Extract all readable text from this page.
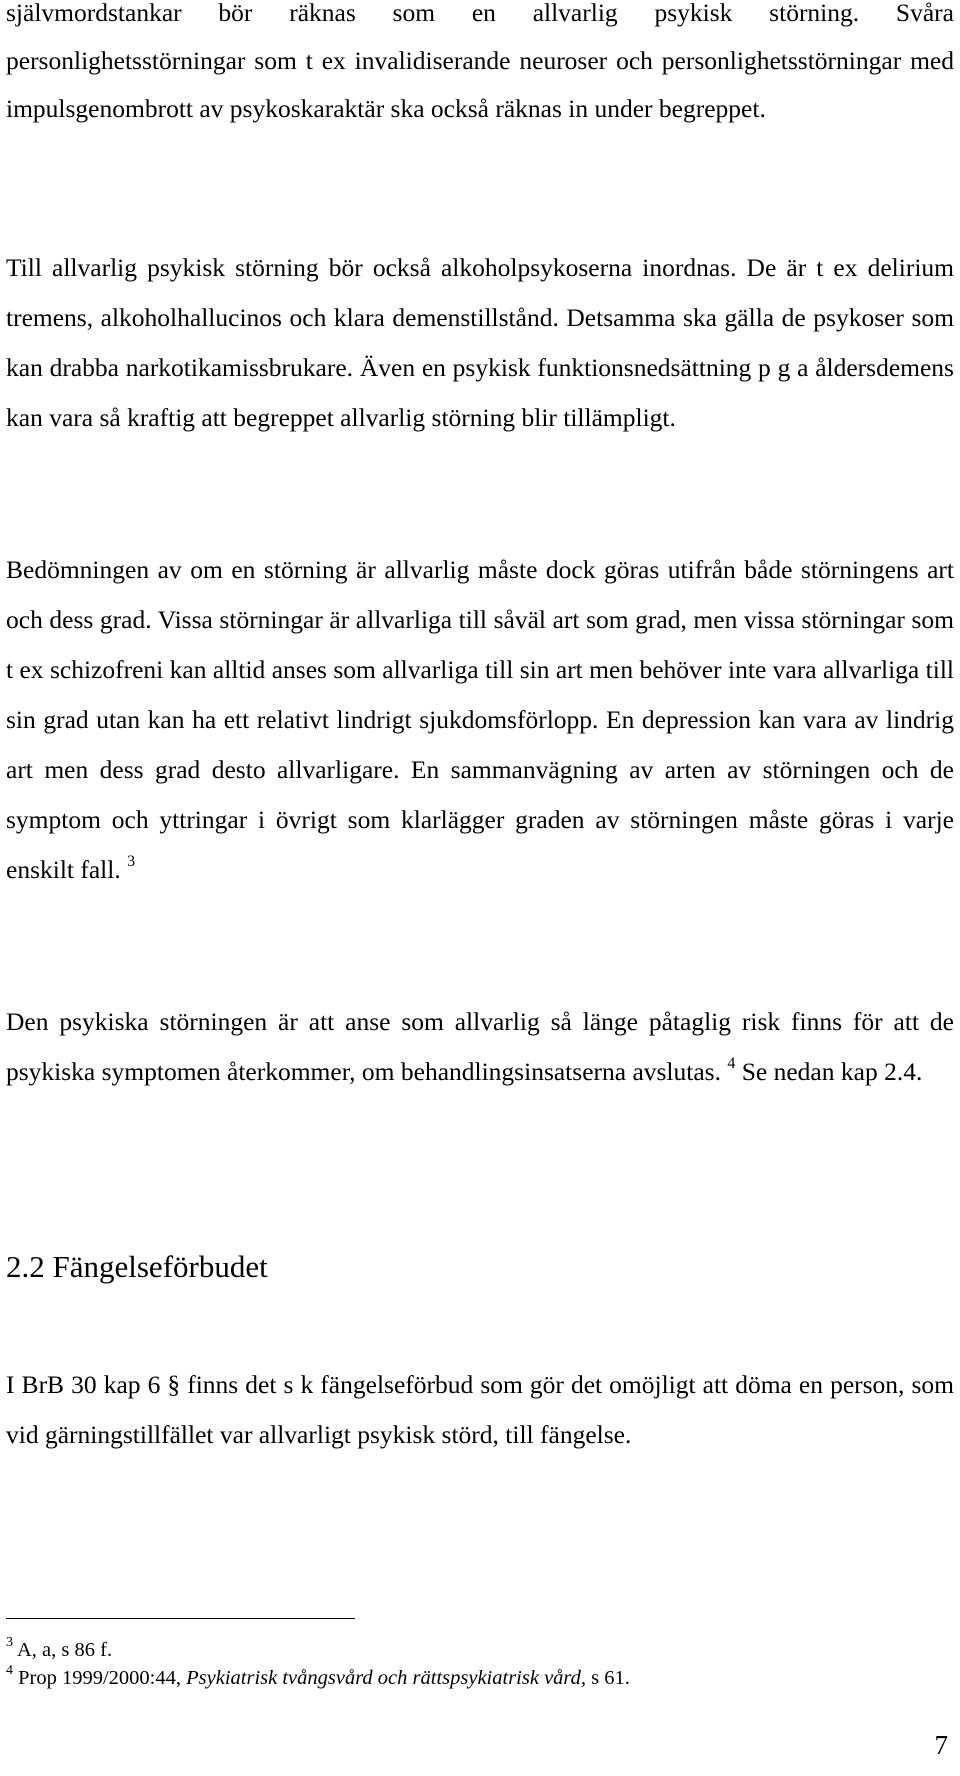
självmordstankar bör räknas som en allvarlig psykisk störning. Svåra personlighetsstörningar som t ex invalidiserande neuroser och personlighetsstörningar med impulsgenombrott av psykoskaraktär ska också räknas in under begreppet.

Till allvarlig psykisk störning bör också alkoholpsykoserna inordnas. De är t ex delirium tremens, alkoholhallucinos och klara demenstillstånd. Detsamma ska gälla de psykoser som kan drabba narkotikamissbrukare. Även en psykisk funktionsnedsättning p g a åldersdemens kan vara så kraftig att begreppet allvarlig störning blir tillämpligt.

Bedömningen av om en störning är allvarlig måste dock göras utifrån både störningens art och dess grad. Vissa störningar är allvarliga till såväl art som grad, men vissa störningar som t ex schizofreni kan alltid anses som allvarliga till sin art men behöver inte vara allvarliga till sin grad utan kan ha ett relativt lindrigt sjukdomsförlopp. En depression kan vara av lindrig art men dess grad desto allvarligare. En sammanvägning av arten av störningen och de symptom och yttringar i övrigt som klarlägger graden av störningen måste göras i varje enskilt fall. $^3$

Den psykiska störningen är att anse som allvarlig så länge påtaglig risk finns för att de psykiska symptomen återkommer, om behandlingsinsatserna avslutas. $^4$ Se nedan kap 2.4.

2.2 Fängelseförbudet

I BrB 30 kap 6 § finns det s k fängelseförbud som gör det omöjligt att döma en person, som vid gärningstillfället var allvarligt psykisk störd, till fängelse.

$^3$ A, a, s 86 f.

$^4$ Prop 1999/2000:44, Psykiatrisk tvångsvård och rättspsykiatrisk vård, s 61.

7
